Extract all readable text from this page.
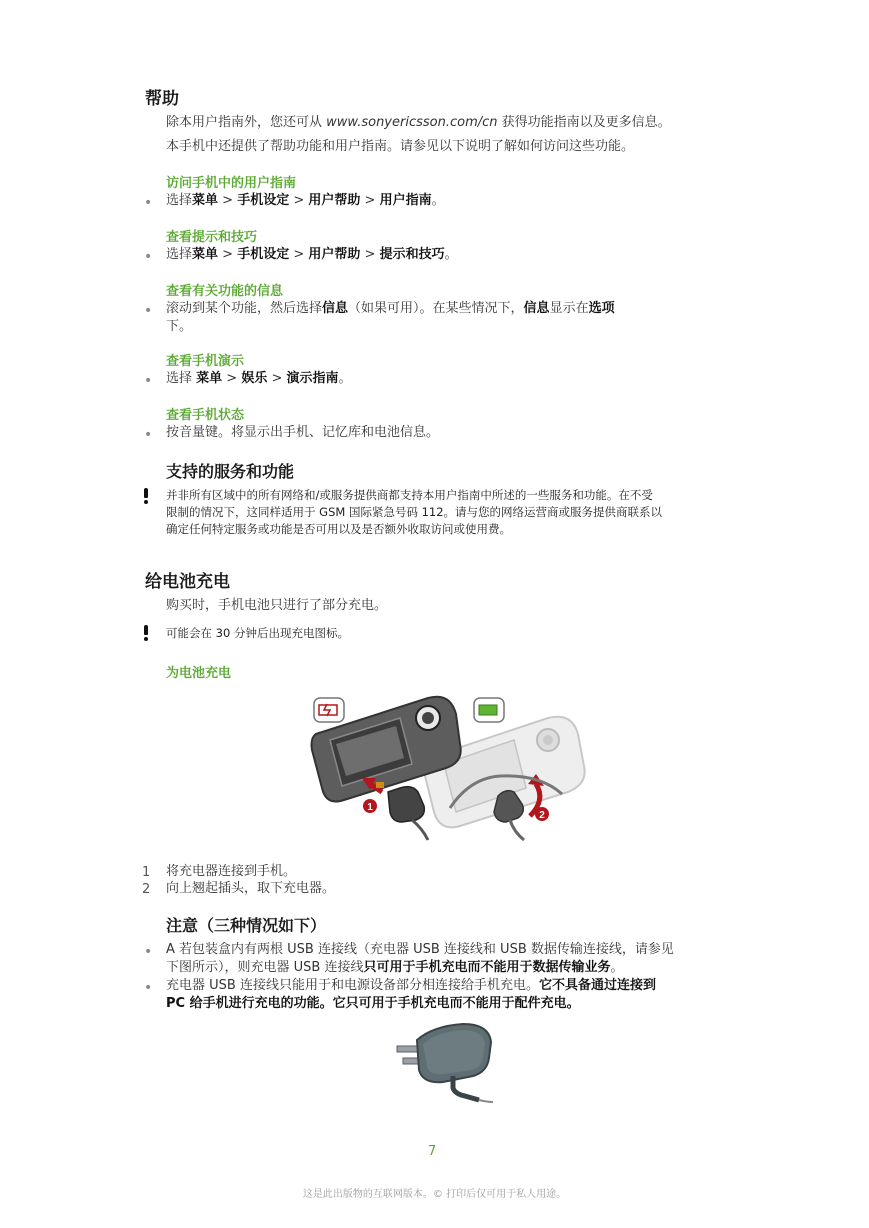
帮助
除本用户指南外，您还可从 www.sonyericsson.com/cn 获得功能指南以及更多信息。
本手机中还提供了帮助功能和用户指南。请参见以下说明了解如何访问这些功能。
访问手机中的用户指南
•
选择菜单 > 手机设定 > 用户帮助 > 用户指南。
查看提示和技巧
•
选择菜单 > 手机设定 > 用户帮助 > 提示和技巧。
查看有关功能的信息
•
滚动到某个功能，然后选择信息（如果可用）。在某些情况下，信息显示在选项
下。
查看手机演示
•
选择 菜单 > 娱乐 > 演示指南。
查看手机状态
•
按音量键。将显示出手机、记忆库和电池信息。
支持的服务和功能
并非所有区域中的所有网络和/或服务提供商都支持本用户指南中所述的一些服务和功能。在不受
限制的情况下，这同样适用于 GSM 国际紧急号码 112。请与您的网络运营商或服务提供商联系以
确定任何特定服务或功能是否可用以及是否额外收取访问或使用费。
给电池充电
购买时，手机电池只进行了部分充电。
可能会在 30 分钟后出现充电图标。
为电池充电
1
2
1 将充电器连接到手机。
2 向上翘起插头，取下充电器。
注意（三种情况如下）
•
A 若包装盒内有两根 USB 连接线（充电器 USB 连接线和 USB 数据传输连接线，请参见
下图所示），则充电器 USB 连接线只可用于手机充电而不能用于数据传输业务。
•
充电器 USB 连接线只能用于和电源设备部分相连接给手机充电。它不具备通过连接到
PC 给手机进行充电的功能。它只可用于手机充电而不能用于配件充电。
7
这是此出版物的互联网版本。© 打印后仅可用于私人用途。
